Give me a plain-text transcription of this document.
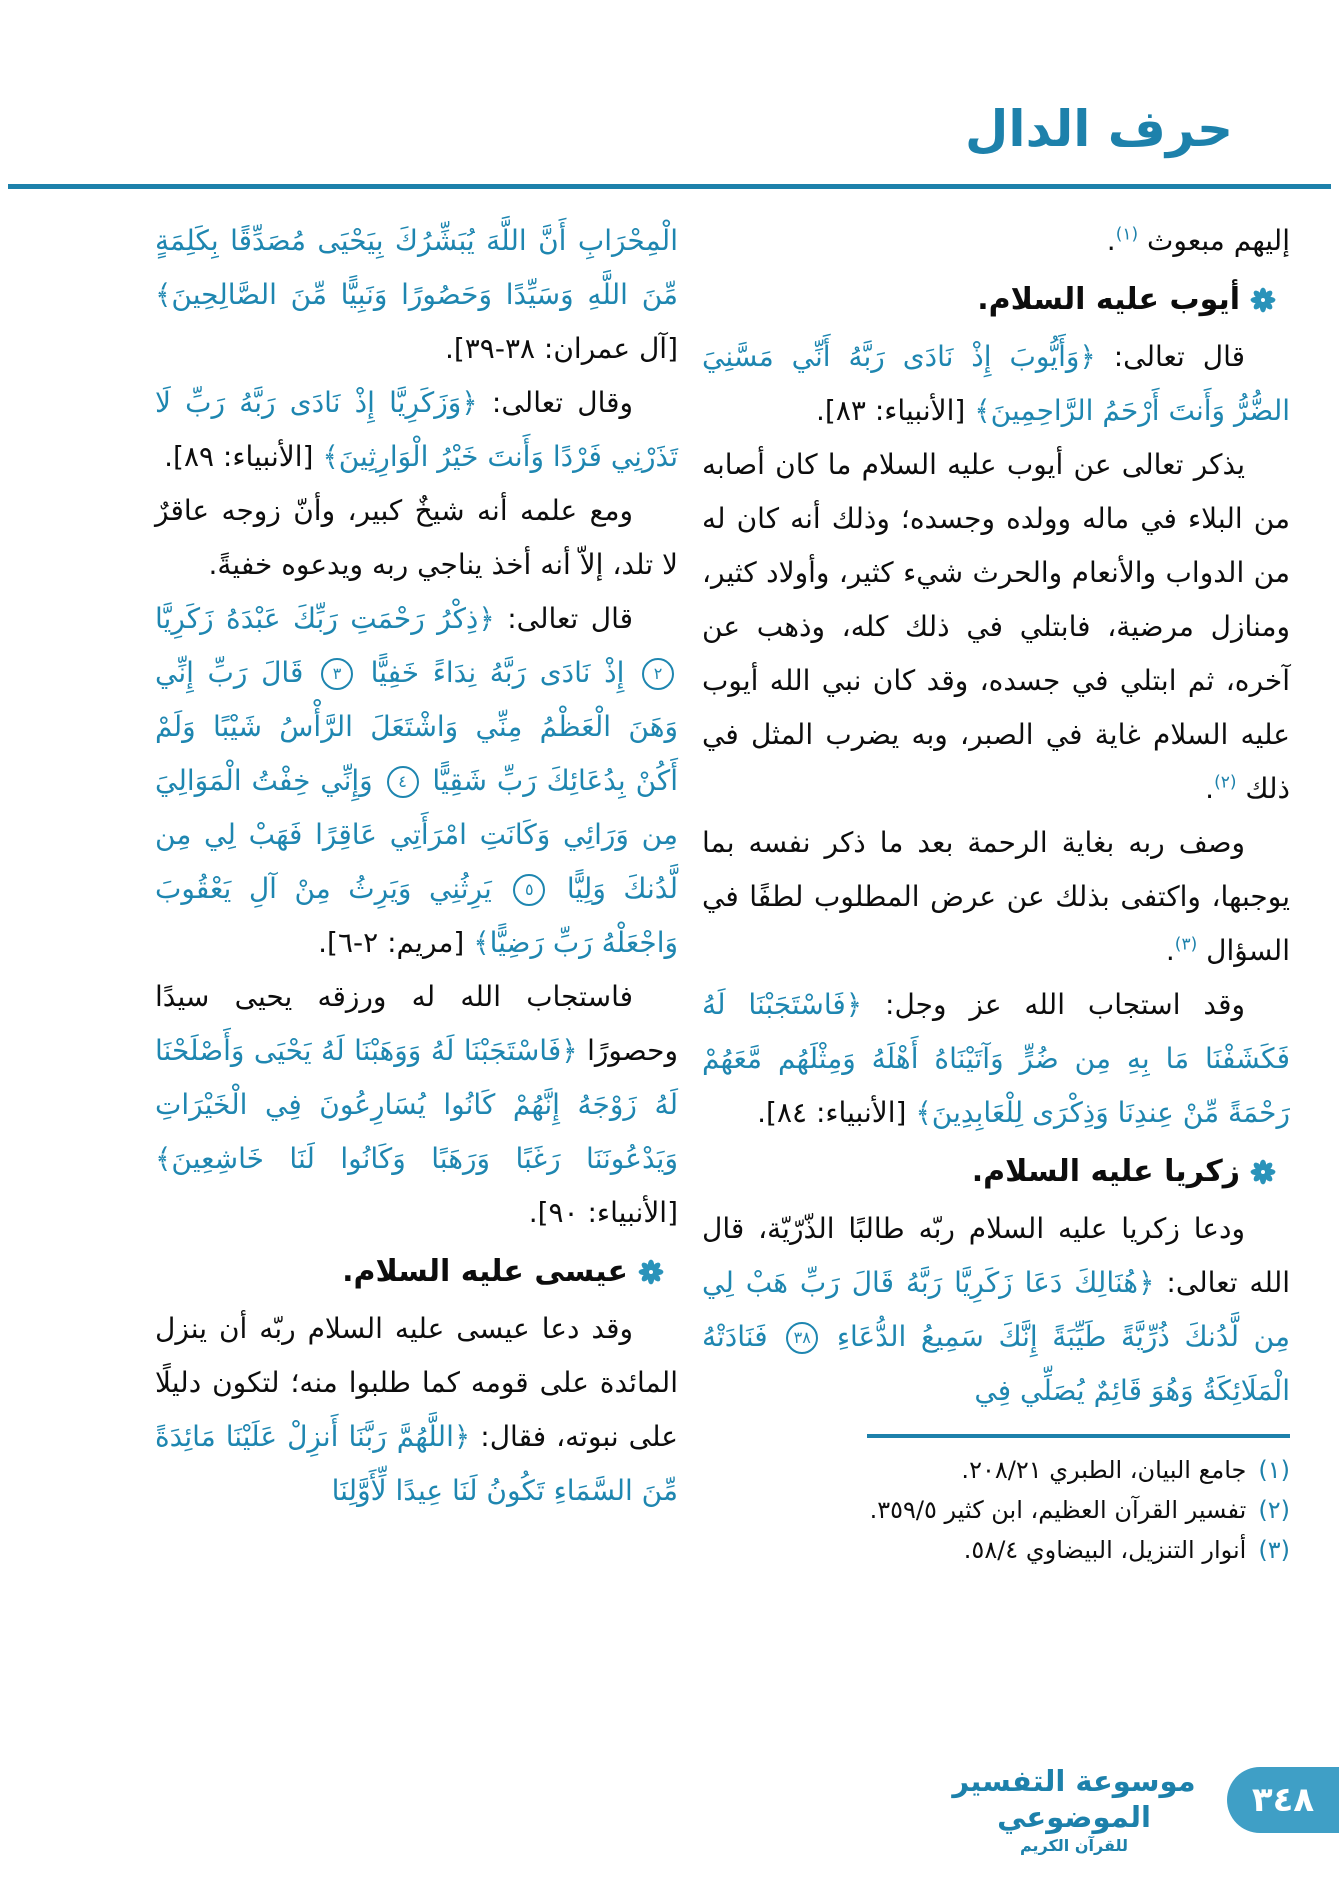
حرف الدال

إليهم مبعوث $^{(١)}$.

أيوب عليه السلام.

قال تعالى: ﴿وَأَيُّوبَ إِذْ نَادَى رَبَّهُ أَنِّي مَسَّنِيَ الضُّرُّ وَأَنتَ أَرْحَمُ الرَّاحِمِينَ﴾ [الأنبياء: ٨٣].

يذكر تعالى عن أيوب عليه السلام ما كان أصابه من البلاء في ماله وولده وجسده؛ وذلك أنه كان له من الدواب والأنعام والحرث شيء كثير، وأولاد كثير، ومنازل مرضية، فابتلي في ذلك كله، وذهب عن آخره، ثم ابتلي في جسده، وقد كان نبي الله أيوب عليه السلام غاية في الصبر، وبه يضرب المثل في ذلك $^{(٢)}$.

وصف ربه بغاية الرحمة بعد ما ذكر نفسه بما يوجبها، واكتفى بذلك عن عرض المطلوب لطفًا في السؤال $^{(٣)}$.

وقد استجاب الله عز وجل: ﴿فَاسْتَجَبْنَا لَهُ فَكَشَفْنَا مَا بِهِ مِن ضُرٍّ وَآتَيْنَاهُ أَهْلَهُ وَمِثْلَهُم مَّعَهُمْ رَحْمَةً مِّنْ عِندِنَا وَذِكْرَى لِلْعَابِدِينَ﴾ [الأنبياء: ٨٤].

زكريا عليه السلام.

ودعا زكريا عليه السلام ربّه طالبًا الذّرّيّة، قال الله تعالى: ﴿هُنَالِكَ دَعَا زَكَرِيَّا رَبَّهُ قَالَ رَبِّ هَبْ لِي مِن لَّدُنكَ ذُرِّيَّةً طَيِّبَةً إِنَّكَ سَمِيعُ الدُّعَاءِ ٣٨ فَنَادَتْهُ الْمَلَائِكَةُ وَهُوَ قَائِمٌ يُصَلِّي فِي

(١)جامع البيان، الطبري ٢٠٨/٢١.

(٢)تفسير القرآن العظيم، ابن كثير ٣٥٩/٥.

(٣)أنوار التنزيل، البيضاوي ٥٨/٤.

الْمِحْرَابِ أَنَّ اللَّهَ يُبَشِّرُكَ بِيَحْيَى مُصَدِّقًا بِكَلِمَةٍ مِّنَ اللَّهِ وَسَيِّدًا وَحَصُورًا وَنَبِيًّا مِّنَ الصَّالِحِينَ﴾ [آل عمران: ٣٨-٣٩].

وقال تعالى: ﴿وَزَكَرِيَّا إِذْ نَادَى رَبَّهُ رَبِّ لَا تَذَرْنِي فَرْدًا وَأَنتَ خَيْرُ الْوَارِثِينَ﴾ [الأنبياء: ٨٩].

ومع علمه أنه شيخٌ كبير، وأنّ زوجه عاقرٌ لا تلد، إلاّ أنه أخذ يناجي ربه ويدعوه خفيةً.

قال تعالى: ﴿ذِكْرُ رَحْمَتِ رَبِّكَ عَبْدَهُ زَكَرِيَّا ٢ إِذْ نَادَى رَبَّهُ نِدَاءً خَفِيًّا ٣ قَالَ رَبِّ إِنِّي وَهَنَ الْعَظْمُ مِنِّي وَاشْتَعَلَ الرَّأْسُ شَيْبًا وَلَمْ أَكُنْ بِدُعَائِكَ رَبِّ شَقِيًّا ٤ وَإِنِّي خِفْتُ الْمَوَالِيَ مِن وَرَائِي وَكَانَتِ امْرَأَتِي عَاقِرًا فَهَبْ لِي مِن لَّدُنكَ وَلِيًّا ٥ يَرِثُنِي وَيَرِثُ مِنْ آلِ يَعْقُوبَ وَاجْعَلْهُ رَبِّ رَضِيًّا﴾ [مريم: ٢-٦].

فاستجاب الله له ورزقه يحيى سيدًا وحصورًا ﴿فَاسْتَجَبْنَا لَهُ وَوَهَبْنَا لَهُ يَحْيَى وَأَصْلَحْنَا لَهُ زَوْجَهُ إِنَّهُمْ كَانُوا يُسَارِعُونَ فِي الْخَيْرَاتِ وَيَدْعُونَنَا رَغَبًا وَرَهَبًا وَكَانُوا لَنَا خَاشِعِينَ﴾ [الأنبياء: ٩٠].

عيسى عليه السلام.

وقد دعا عيسى عليه السلام ربّه أن ينزل المائدة على قومه كما طلبوا منه؛ لتكون دليلًا على نبوته، فقال: ﴿اللَّهُمَّ رَبَّنَا أَنزِلْ عَلَيْنَا مَائِدَةً مِّنَ السَّمَاءِ تَكُونُ لَنَا عِيدًا لِّأَوَّلِنَا

موسوعة التفسير الموضوعي
للقرآن الكريم
٣٤٨
